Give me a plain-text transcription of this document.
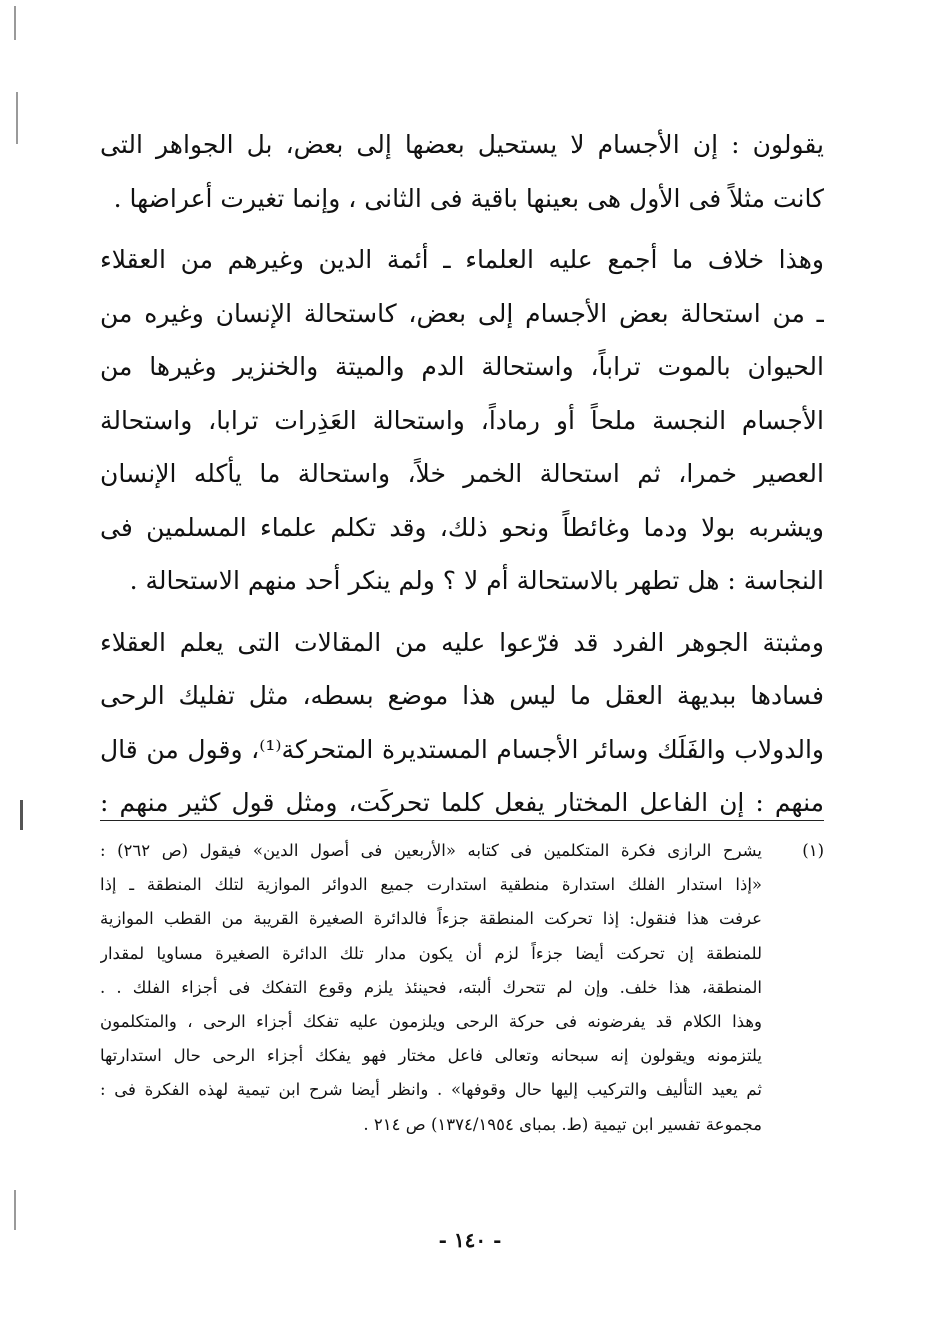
يقولون : إن الأجسام لا يستحيل بعضها إلى بعض، بل الجواهر التى
كانت مثلاً فى الأول هى بعينها باقية فى الثانى ، وإنما تغيرت أعراضها .
وهذا خلاف ما أجمع عليه العلماء ـ أئمة الدين وغيرهم من العقلاء
ـ من استحالة بعض الأجسام إلى بعض، كاستحالة الإنسان وغيره من
الحيوان بالموت تراباً، واستحالة الدم والميتة والخنزير وغيرها من
الأجسام النجسة ملحاً أو رماداً، واستحالة العَذِرات ترابا، واستحالة
العصير خمرا، ثم استحالة الخمر خلاً، واستحالة ما يأكله الإنسان
ويشربه بولا ودما وغائطاً ونحو ذلك، وقد تكلم علماء المسلمين فى
النجاسة : هل تطهر بالاستحالة أم لا ؟ ولم ينكر أحد منهم الاستحالة .
ومثبتة الجوهر الفرد قد فرّعوا عليه من المقالات التى يعلم العقلاء
فسادها ببديهة العقل ما ليس هذا موضع بسطه، مثل تفليك الرحى
والدولاب والفَلَك وسائر الأجسام المستديرة المتحركة⁽¹⁾، وقول من قال
منهم : إن الفاعل المختار يفعل كلما تحركَت، ومثل قول كثير منهم :
(١)
يشرح الرازى فكرة المتكلمين فى كتابه «الأربعين فى أصول الدين» فيقول (ص ٢٦٢) :
«إذا استدار الفلك استدارة منطقية استدارت جميع الدوائر الموازية لتلك المنطقة ـ إذا
عرفت هذا فنقول: إذا تحركت المنطقة جزءاً فالدائرة الصغيرة القريبة من القطب الموازية
للمنطقة إن تحركت أيضا جزءاً لزم أن يكون مدار تلك الدائرة الصغيرة مساويا لمقدار
المنطقة، هذا خلف. وإن لم تتحرك ألبته، فحينئذ يلزم وقوع التفكك فى أجزاء الفلك . .
وهذا الكلام قد يفرضونه فى حركة الرحى ويلزمون عليه تفكك أجزاء الرحى ، والمتكلمون
يلتزمونه ويقولون إنه سبحانه وتعالى فاعل مختار فهو يفكك أجزاء الرحى حال استدارتها
ثم يعيد التأليف والتركيب إليها حال وقوفها» . وانظر أيضا شرح ابن تيمية لهذه الفكرة فى :
مجموعة تفسير ابن تيمية (ط. بمباى ١٣٧٤/١٩٥٤) ص ٢١٤ .
- ١٤٠ -
